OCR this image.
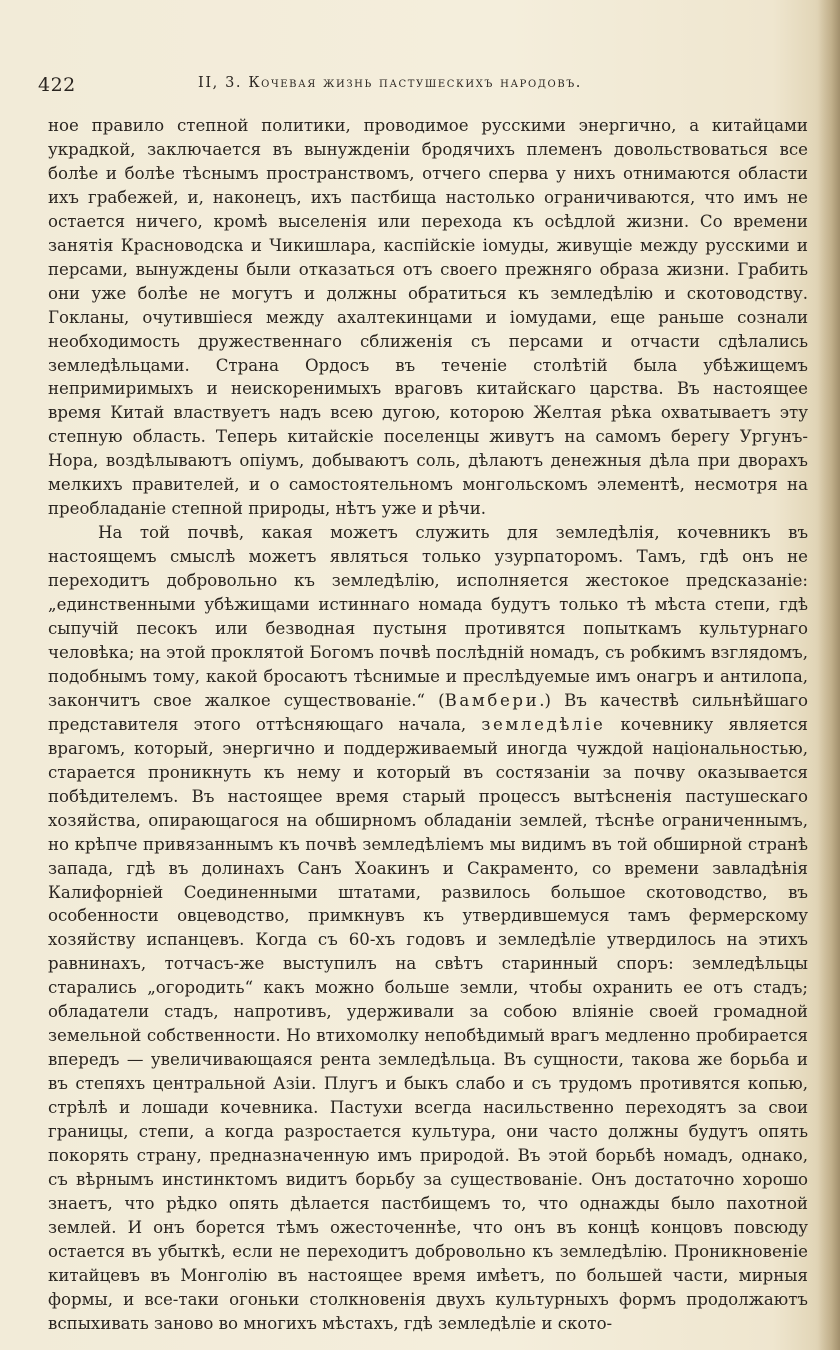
422	II, 3. Кочевая жизнь пастушескихъ народовъ.

ное правило степной политики, проводимое русскими энергично, а китайцами украдкой, заключается въ вынужденіи бродячихъ племенъ довольствоваться все болѣе и болѣе тѣснымъ пространствомъ, отчего сперва у нихъ отнимаются области ихъ грабежей, и, наконецъ, ихъ пастбища настолько ограничиваются, что имъ не остается ничего, кромѣ выселенія или перехода къ осѣдлой жизни. Со времени занятія Красноводска и Чикишлара, каспійскіе іомуды, живущіе между русскими и персами, вынуждены были отказаться отъ своего прежняго образа жизни. Грабить они уже болѣе не могутъ и должны обратиться къ земледѣлію и скотоводству. Гокланы, очутившіеся между ахалтекинцами и іомудами, еще раньше сознали необходимость дружественнаго сближенія съ персами и отчасти сдѣлались земледѣльцами. Страна Ордосъ въ теченіе столѣтій была убѣжищемъ непримиримыхъ и неискоренимыхъ враговъ китайскаго царства. Въ настоящее время Китай властвуетъ надъ всею дугою, которою Желтая рѣка охватываетъ эту степную область. Теперь китайскіе поселенцы живутъ на самомъ берегу Ургунъ-Нора, воздѣлываютъ опіумъ, добываютъ соль, дѣлаютъ денежныя дѣла при дворахъ мелкихъ правителей, и о самостоятельномъ монгольскомъ элементѣ, несмотря на преобладаніе степной природы, нѣтъ уже и рѣчи.

На той почвѣ, какая можетъ служить для земледѣлія, кочевникъ въ настоящемъ смыслѣ можетъ являться только узурпаторомъ. Тамъ, гдѣ онъ не переходитъ добровольно къ земледѣлію, исполняется жестокое предсказаніе: „единственными убѣжищами истиннаго номада будутъ только тѣ мѣста степи, гдѣ сыпучій песокъ или безводная пустыня противятся попыткамъ культурнаго человѣка; на этой проклятой Богомъ почвѣ послѣдній номадъ, съ робкимъ взглядомъ, подобнымъ тому, какой бросаютъ тѣснимые и преслѣдуемые имъ онагръ и антилопа, закончитъ свое жалкое существованіе.“ (Вамбери.) Въ качествѣ сильнѣйшаго представителя этого оттѣсняющаго начала, земледѣліе кочевнику является врагомъ, который, энергично и поддерживаемый иногда чуждой національностью, старается проникнуть къ нему и который въ состязаніи за почву оказывается побѣдителемъ. Въ настоящее время старый процессъ вытѣсненія пастушескаго хозяйства, опирающагося на обширномъ обладаніи землей, тѣснѣе ограниченнымъ, но крѣпче привязаннымъ къ почвѣ земледѣліемъ мы видимъ въ той обширной странѣ запада, гдѣ въ долинахъ Санъ Хоакинъ и Сакраменто, со времени завладѣнія Калифорніей Соединенными штатами, развилось большое скотоводство, въ особенности овцеводство, примкнувъ къ утвердившемуся тамъ фермерскому хозяйству испанцевъ. Когда съ 60-хъ годовъ и земледѣліе утвердилось на этихъ равнинахъ, тотчасъ-же выступилъ на свѣтъ старинный споръ: земледѣльцы старались „огородить“ какъ можно больше земли, чтобы охранить ее отъ стадъ; обладатели стадъ, напротивъ, удерживали за собою вліяніе своей громадной земельной собственности. Но втихомолку непобѣдимый врагъ медленно пробирается впередъ — увеличивающаяся рента земледѣльца. Въ сущности, такова же борьба и въ степяхъ центральной Азіи. Плугъ и быкъ слабо и съ трудомъ противятся копью, стрѣлѣ и лошади кочевника. Пастухи всегда насильственно переходятъ за свои границы, степи, а когда разростается культура, они часто должны будутъ опять покорять страну, предназначенную имъ природой. Въ этой борьбѣ номадъ, однако, съ вѣрнымъ инстинктомъ видитъ борьбу за существованіе. Онъ достаточно хорошо знаетъ, что рѣдко опять дѣлается пастбищемъ то, что однажды было пахотной землей. И онъ борется тѣмъ ожесточеннѣе, что онъ въ концѣ концовъ повсюду остается въ убыткѣ, если не переходитъ добровольно къ земледѣлію. Проникновеніе китайцевъ въ Монголію въ настоящее время имѣетъ, по большей части, мирныя формы, и все-таки огоньки столкновенія двухъ культурныхъ формъ продолжаютъ вспыхивать заново во многихъ мѣстахъ, гдѣ земледѣліе и ското-
